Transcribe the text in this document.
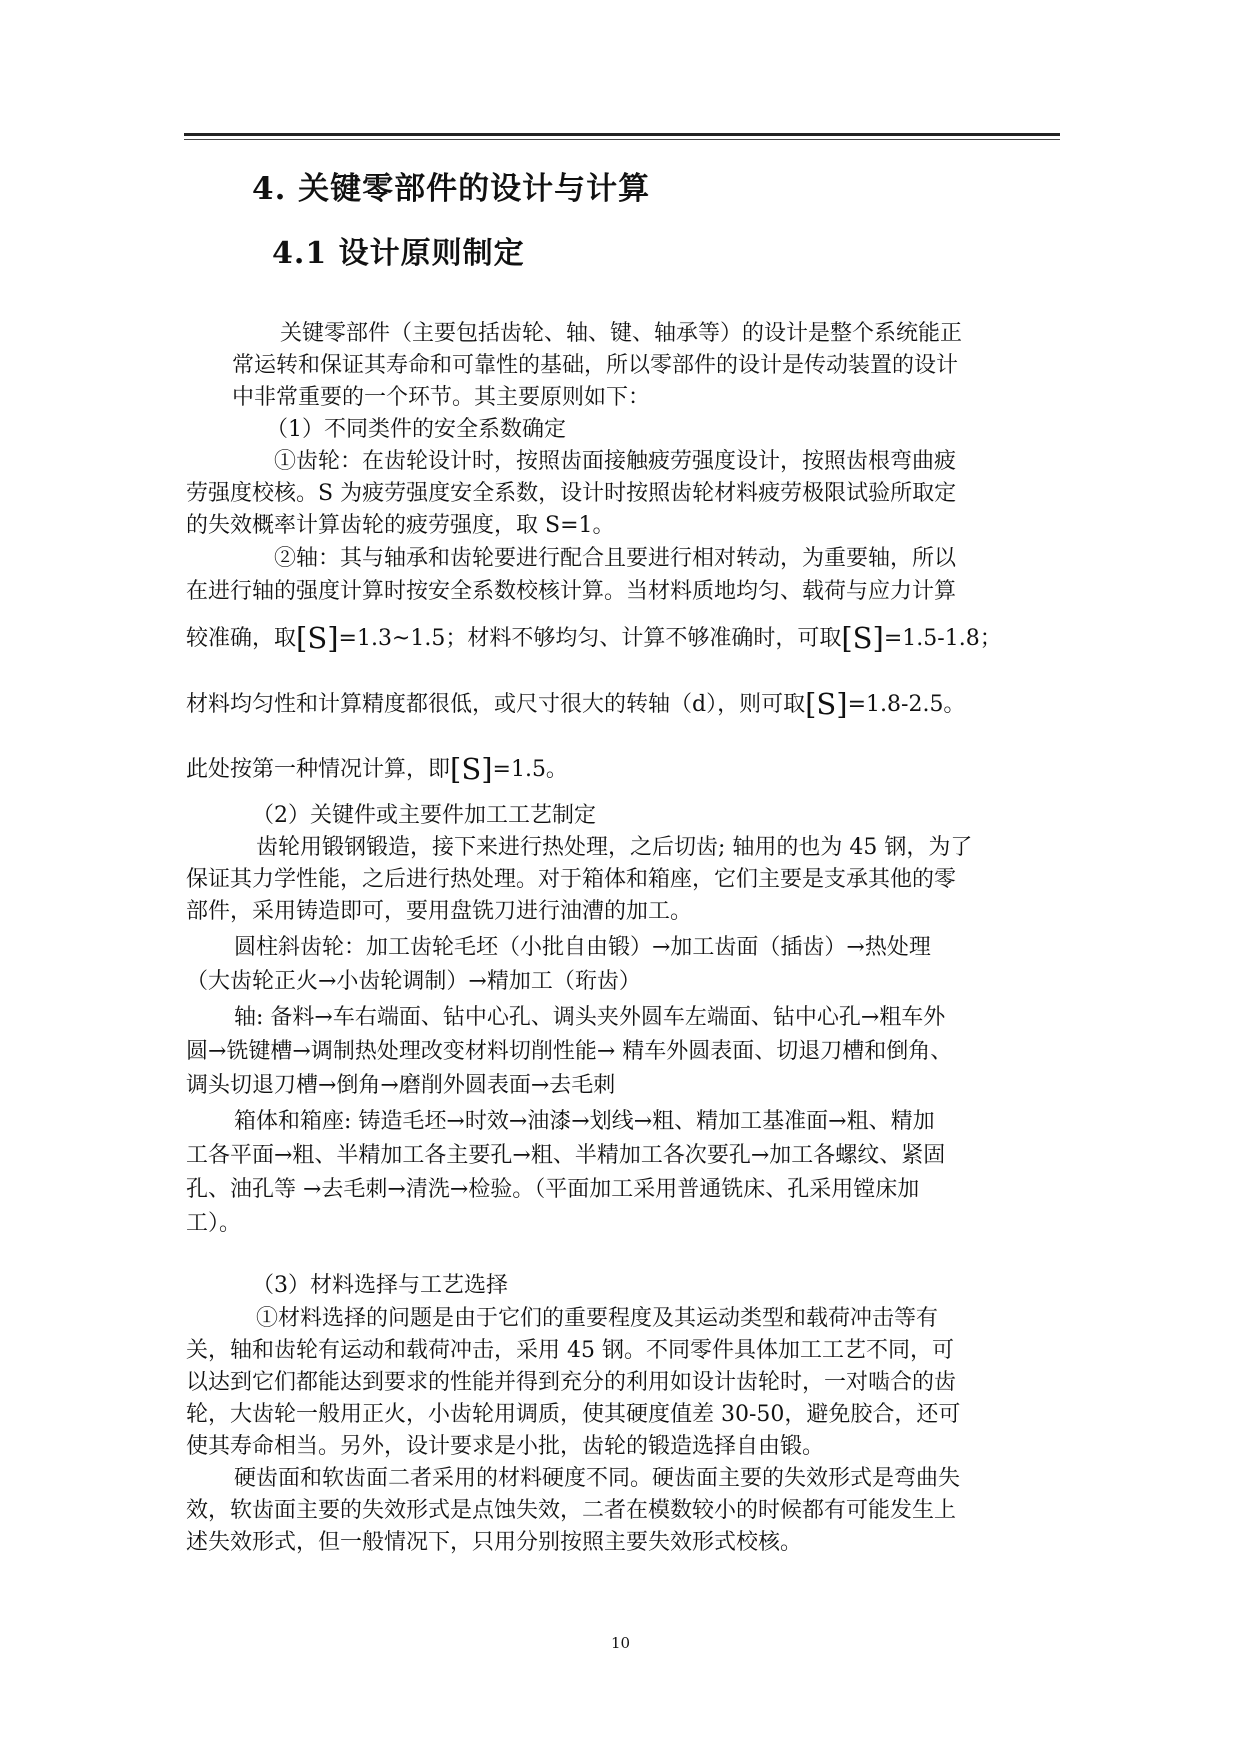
4. 关键零部件的设计与计算
4.1 设计原则制定
关键零部件（主要包括齿轮、轴、键、轴承等）的设计是整个系统能正
常运转和保证其寿命和可靠性的基础，所以零部件的设计是传动装置的设计
中非常重要的一个环节。其主要原则如下：
（1）不同类件的安全系数确定
①齿轮：在齿轮设计时，按照齿面接触疲劳强度设计，按照齿根弯曲疲
劳强度校核。S 为疲劳强度安全系数，设计时按照齿轮材料疲劳极限试验所取定
的失效概率计算齿轮的疲劳强度，取 S=1。
②轴：其与轴承和齿轮要进行配合且要进行相对转动，为重要轴，所以
在进行轴的强度计算时按安全系数校核计算。当材料质地均匀、载荷与应力计算
较准确，取[S]=1.3~1.5；材料不够均匀、计算不够准确时，可取[S]=1.5-1.8；
材料均匀性和计算精度都很低，或尺寸很大的转轴（d），则可取[S]=1.8-2.5。
此处按第一种情况计算，即[S]=1.5。
（2）关键件或主要件加工工艺制定
齿轮用锻钢锻造，接下来进行热处理，之后切齿; 轴用的也为 45 钢，为了
保证其力学性能，之后进行热处理。对于箱体和箱座，它们主要是支承其他的零
部件，采用铸造即可，要用盘铣刀进行油漕的加工。
圆柱斜齿轮：加工齿轮毛坯（小批自由锻）→加工齿面（插齿）→热处理
（大齿轮正火→小齿轮调制）→精加工（珩齿）
轴: 备料→车右端面、钻中心孔、调头夹外圆车左端面、钻中心孔→粗车外
圆→铣键槽→调制热处理改变材料切削性能→ 精车外圆表面、切退刀槽和倒角、
调头切退刀槽→倒角→磨削外圆表面→去毛刺
箱体和箱座: 铸造毛坯→时效→油漆→划线→粗、精加工基准面→粗、精加
工各平面→粗、半精加工各主要孔→粗、半精加工各次要孔→加工各螺纹、紧固
孔、油孔等 →去毛刺→清洗→检验。（平面加工采用普通铣床、孔采用镗床加
工）。
（3）材料选择与工艺选择
①材料选择的问题是由于它们的重要程度及其运动类型和载荷冲击等有
关，轴和齿轮有运动和载荷冲击，采用 45 钢。不同零件具体加工工艺不同，可
以达到它们都能达到要求的性能并得到充分的利用如设计齿轮时，一对啮合的齿
轮，大齿轮一般用正火，小齿轮用调质，使其硬度值差 30-50，避免胶合，还可
使其寿命相当。另外，设计要求是小批，齿轮的锻造选择自由锻。
硬齿面和软齿面二者采用的材料硬度不同。硬齿面主要的失效形式是弯曲失
效，软齿面主要的失效形式是点蚀失效，二者在模数较小的时候都有可能发生上
述失效形式，但一般情况下，只用分别按照主要失效形式校核。
10
